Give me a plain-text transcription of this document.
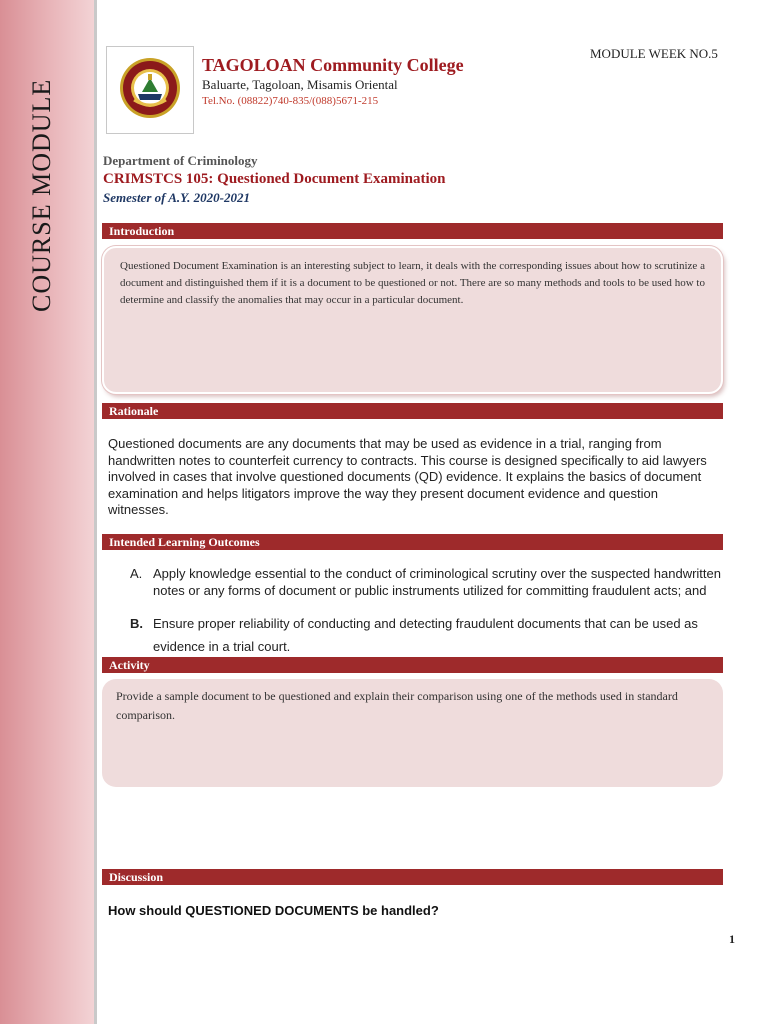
COURSE MODULE
MODULE WEEK NO.5
TAGOLOAN Community College
Baluarte, Tagoloan, Misamis Oriental
Tel.No. (08822)740-835/(088)5671-215
Department of Criminology
CRIMSTCS 105: Questioned Document Examination
Semester of A.Y. 2020-2021
Introduction

Questioned Document Examination is an interesting subject to learn, it deals with the corresponding issues about how to scrutinize a document and distinguished them if it is a document to be questioned or not. There are so many methods and tools to be used how to determine and classify the anomalies that may occur in a particular document.

Rationale

Questioned documents are any documents that may be used as evidence in a trial, ranging from handwritten notes to counterfeit currency to contracts. This course is designed specifically to aid lawyers involved in cases that involve questioned documents (QD) evidence. It explains the basics of document examination and helps litigators improve the way they present document evidence and question witnesses.

Intended Learning Outcomes
A. Apply knowledge essential to the conduct of criminological scrutiny over the suspected handwritten notes or any forms of document or public instruments utilized for committing fraudulent acts; and

B. Ensure proper reliability of conducting and detecting fraudulent documents that can be used as evidence in a trial court.

Activity

Provide a sample document to be questioned and explain their comparison using one of the methods used in standard comparison.

Discussion
How should QUESTIONED DOCUMENTS be handled?
1
